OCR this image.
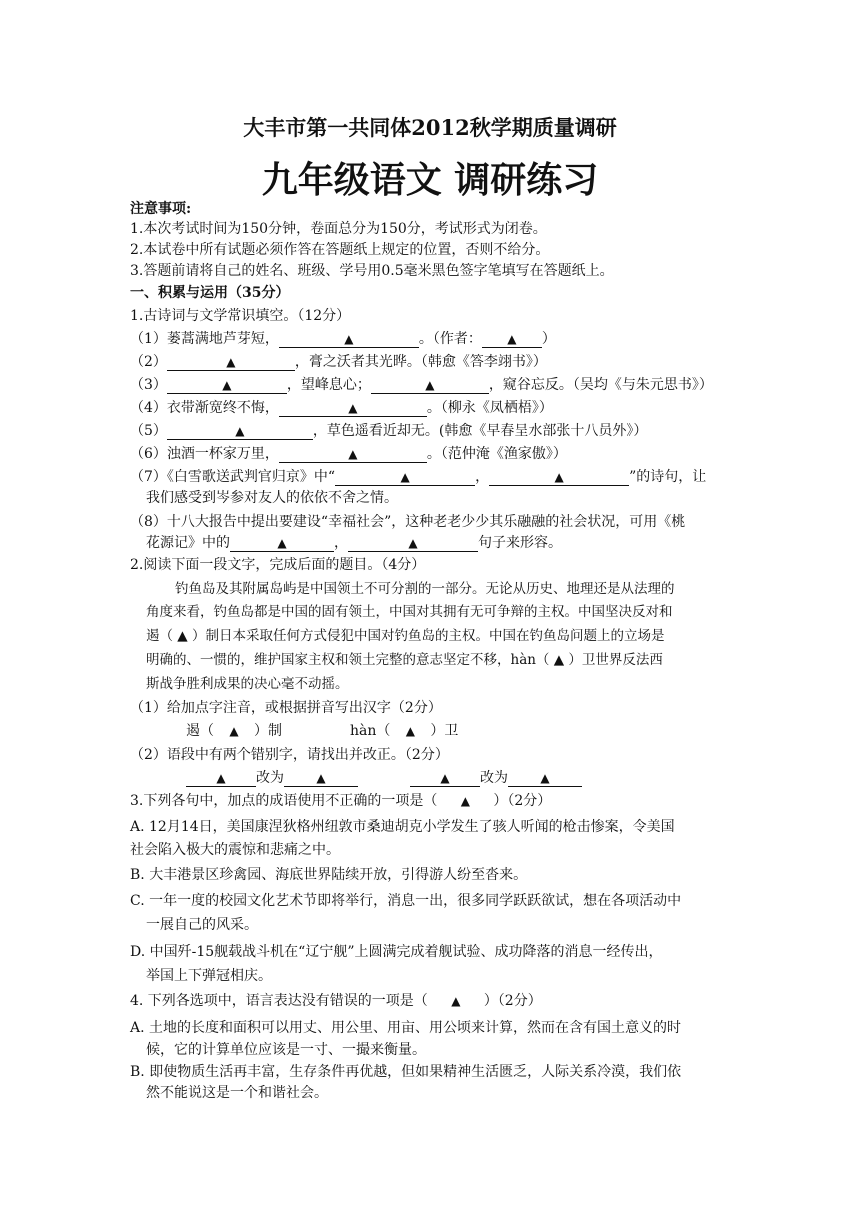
大丰市第一共同体2012秋学期质量调研
九年级语文 调研练习
注意事项:
1.本次考试时间为150分钟，卷面总分为150分，考试形式为闭卷。
2.本试卷中所有试题必须作答在答题纸上规定的位置，否则不给分。
3.答题前请将自己的姓名、班级、学号用0.5毫米黑色签字笔填写在答题纸上。
一、积累与运用（35分）
1.古诗词与文学常识填空。（12分）
（1）蒌蒿满地芦芽短，	▲	。（作者： ▲ ）
（2）	▲	，膏之沃者其光晔。（韩愈《答李翊书》）
（3）	▲	，望峰息心；	▲	，窥谷忘反。（吴均《与朱元思书》）
（4）衣带渐宽终不悔，	▲	。（柳永《凤栖梧》）
（5）	▲	，草色遥看近却无。(韩愈《早春呈水部张十八员外》）
（6）浊酒一杯家万里，	▲	。（范仲淹《渔家傲》）
（7）《白雪歌送武判官归京》中“	▲	，	▲	”的诗句，让
我们感受到岑参对友人的依依不舍之情。
（8）十八大报告中提出要建设“幸福社会”，这种老老少少其乐融融的社会状况，可用《桃
花源记》中的	▲	，	▲	句子来形容。
2.阅读下面一段文字，完成后面的题目。（4分）
钓鱼岛及其附属岛屿是中国领土不可分割的一部分。无论从历史、地理还是从法理的
角度来看，钓鱼岛都是中国的固有领土，中国对其拥有无可争辩的主权。中国坚决反对和
遏（ ▲ ）制日本采取任何方式侵犯中国对钓鱼岛的主权。中国在钓鱼岛问题上的立场是
明确的、一惯的，维护国家主权和领土完整的意志坚定不移，hàn（ ▲ ）卫世界反法西
斯战争胜利成果的决心毫不动摇。
（1）给加点字注音，或根据拼音写出汉字（2分）
遏（ ▲ ）制	hàn（ ▲ ）卫
（2）语段中有两个错别字，请找出并改正。（2分）
▲ 改为	▲	▲ 改为	▲
3.下列各句中，加点的成语使用不正确的一项是（ ▲ ）（2分）
A. 12月14日，美国康涅狄格州纽敦市桑迪胡克小学发生了骇人听闻的枪击惨案，令美国
社会陷入极大的震惊和悲痛之中。
B. 大丰港景区珍禽园、海底世界陆续开放，引得游人纷至沓来。
C. 一年一度的校园文化艺术节即将举行，消息一出，很多同学跃跃欲试，想在各项活动中
一展自己的风采。
D. 中国歼-15舰载战斗机在“辽宁舰”上圆满完成着舰试验、成功降落的消息一经传出，
举国上下弹冠相庆。
4. 下列各选项中，语言表达没有错误的一项是（ ▲ ）（2分）
A. 土地的长度和面积可以用丈、用公里、用亩、用公顷来计算，然而在含有国土意义的时
候，它的计算单位应该是一寸、一撮来衡量。
B. 即使物质生活再丰富，生存条件再优越，但如果精神生活匮乏，人际关系冷漠，我们依
然不能说这是一个和谐社会。
